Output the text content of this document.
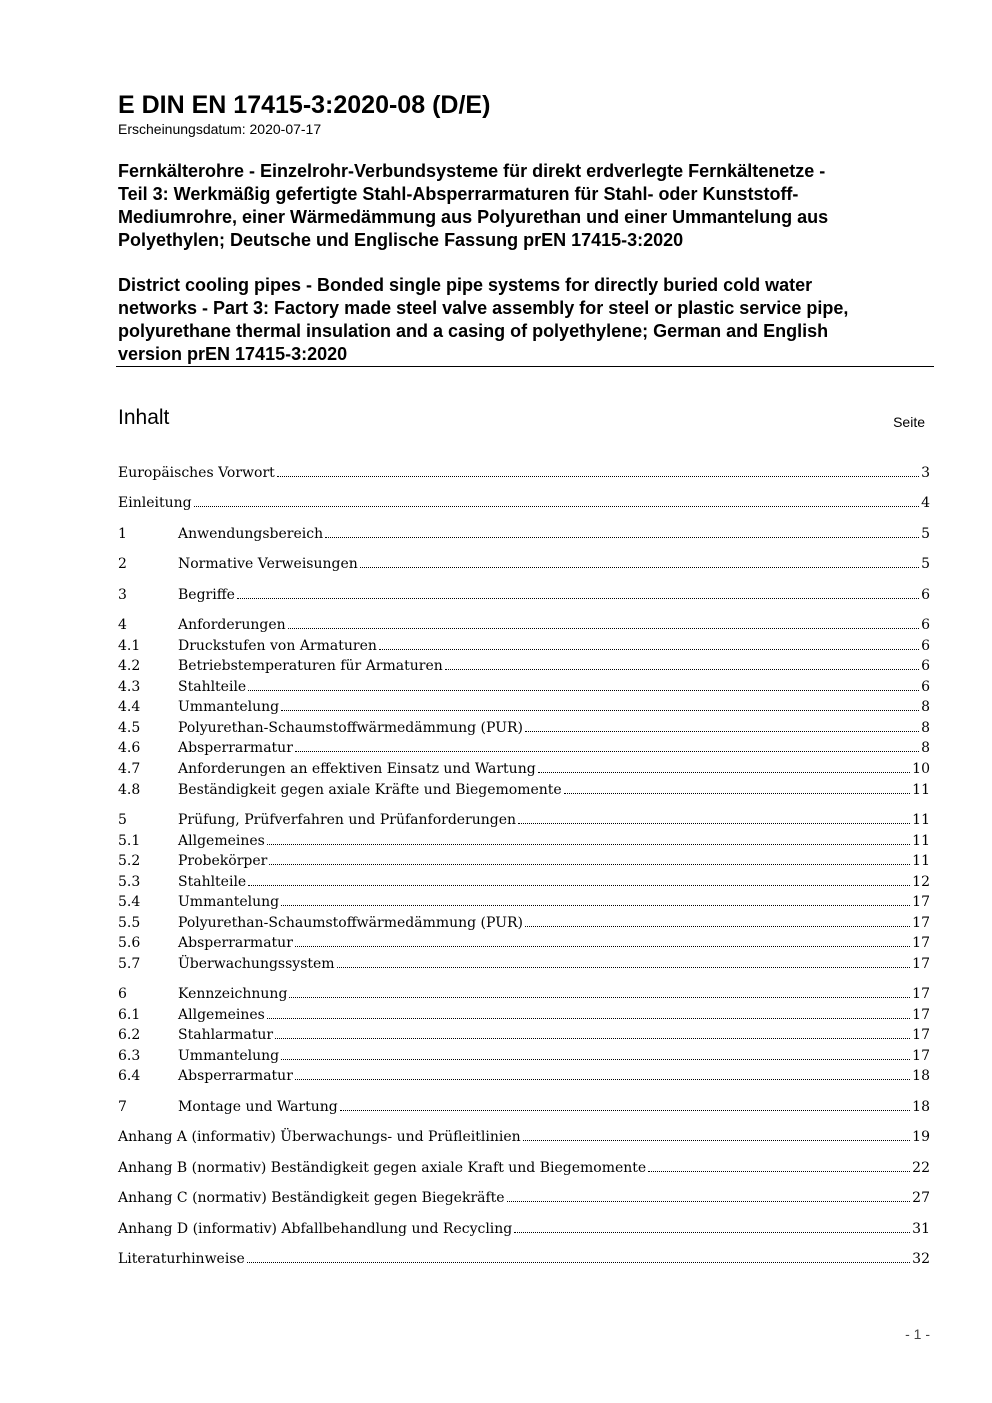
E DIN EN 17415-3:2020-08 (D/E)
Erscheinungsdatum: 2020-07-17
Fernkälterohre - Einzelrohr-Verbundsysteme für direkt erdverlegte Fernkältenetze -
Teil 3: Werkmäßig gefertigte Stahl-Absperrarmaturen für Stahl- oder Kunststoff-
Mediumrohre, einer Wärmedämmung aus Polyurethan und einer Ummantelung aus
Polyethylen; Deutsche und Englische Fassung prEN 17415-3:2020
District cooling pipes - Bonded single pipe systems for directly buried cold water
networks - Part 3: Factory made steel valve assembly for steel or plastic service pipe,
polyurethane thermal insulation and a casing of polyethylene; German and English
version prEN 17415-3:2020
Inhalt	Seite
Europäisches Vorwort	3
Einleitung	4
1	Anwendungsbereich	5
2	Normative Verweisungen	5
3	Begriffe	6
4	Anforderungen	6
4.1	Druckstufen von Armaturen	6
4.2	Betriebstemperaturen für Armaturen	6
4.3	Stahlteile	6
4.4	Ummantelung	8
4.5	Polyurethan-Schaumstoffwärmedämmung (PUR)	8
4.6	Absperrarmatur	8
4.7	Anforderungen an effektiven Einsatz und Wartung	10
4.8	Beständigkeit gegen axiale Kräfte und Biegemomente	11
5	Prüfung, Prüfverfahren und Prüfanforderungen	11
5.1	Allgemeines	11
5.2	Probekörper	11
5.3	Stahlteile	12
5.4	Ummantelung	17
5.5	Polyurethan-Schaumstoffwärmedämmung (PUR)	17
5.6	Absperrarmatur	17
5.7	Überwachungssystem	17
6	Kennzeichnung	17
6.1	Allgemeines	17
6.2	Stahlarmatur	17
6.3	Ummantelung	17
6.4	Absperrarmatur	18
7	Montage und Wartung	18
Anhang A (informativ) Überwachungs- und Prüfleitlinien	19
Anhang B (normativ) Beständigkeit gegen axiale Kraft und Biegemomente	22
Anhang C (normativ) Beständigkeit gegen Biegekräfte	27
Anhang D (informativ) Abfallbehandlung und Recycling	31
Literaturhinweise	32
- 1 -
